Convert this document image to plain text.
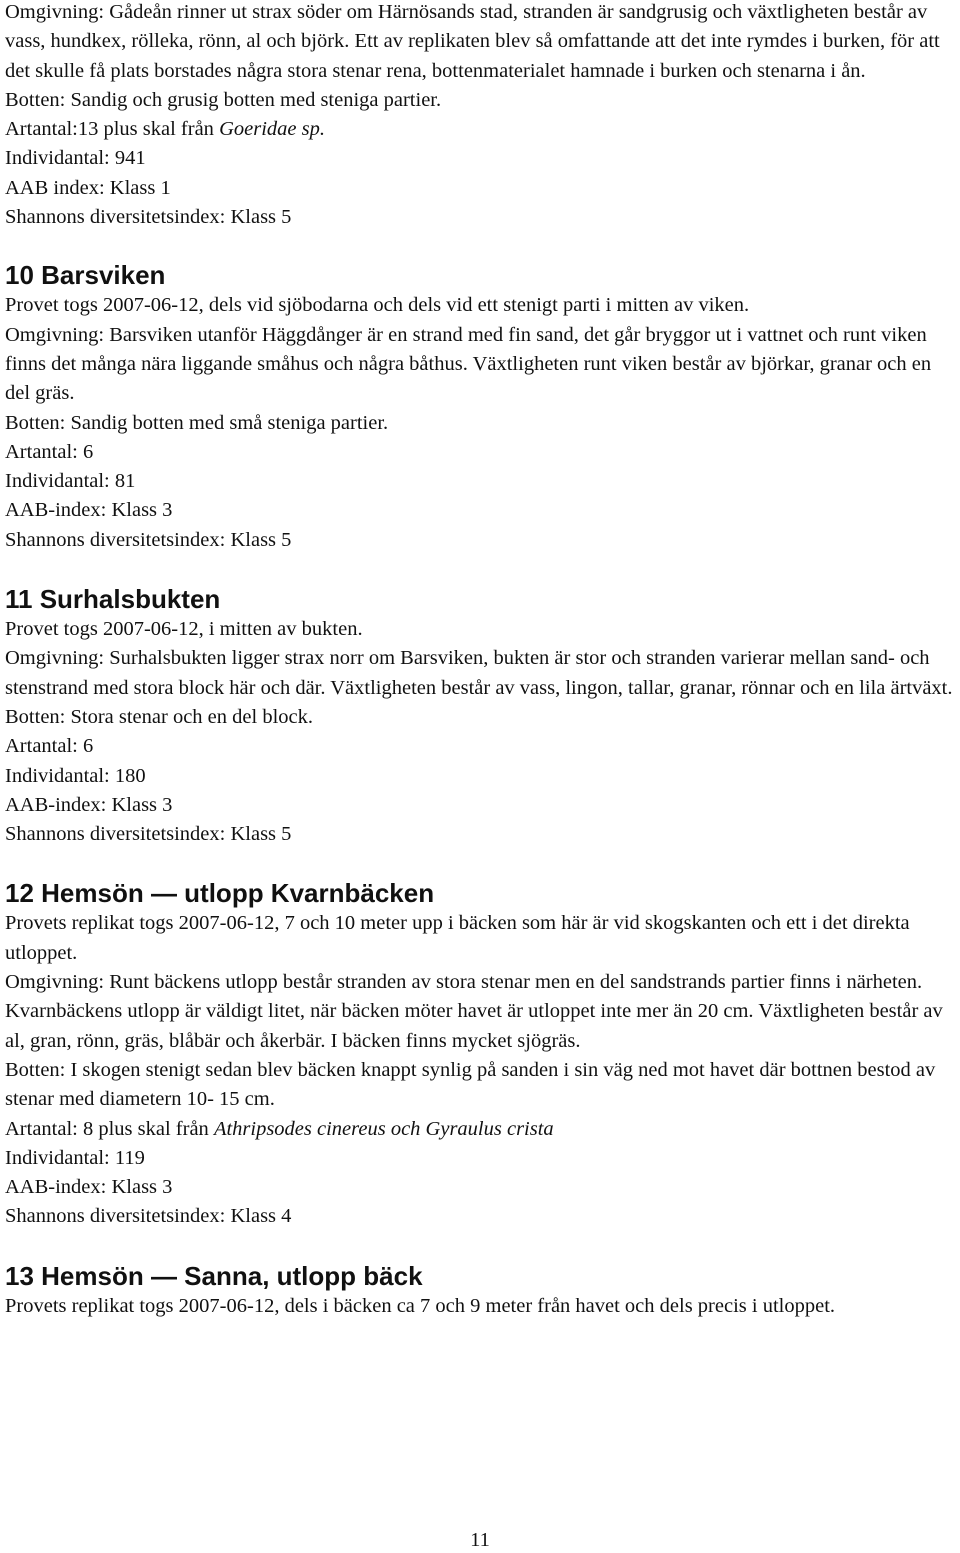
Omgivning: Gådeån rinner ut strax söder om Härnösands stad, stranden är sandgrusig och växtligheten består av vass, hundkex, rölleka, rönn, al och björk. Ett av replikaten blev så omfattande att det inte rymdes i burken, för att det skulle få plats borstades några stora stenar rena, bottenmaterialet hamnade i burken och stenarna i ån.

Botten: Sandig och grusig botten med steniga partier.

Artantal:13 plus skal från Goeridae sp.

Individantal: 941

AAB index: Klass 1

Shannons diversitetsindex: Klass 5

10 Barsviken

Provet togs 2007-06-12, dels vid sjöbodarna och dels vid ett stenigt parti i mitten av viken.

Omgivning: Barsviken utanför Häggdånger är en strand med fin sand, det går bryggor ut i vattnet och runt viken finns det många nära liggande småhus och några båthus. Växtligheten runt viken består av björkar, granar och en del gräs.

Botten: Sandig botten med små steniga partier.

Artantal: 6

Individantal: 81

AAB-index: Klass 3

Shannons diversitetsindex: Klass 5

11 Surhalsbukten

Provet togs 2007-06-12, i mitten av bukten.

Omgivning: Surhalsbukten ligger strax norr om Barsviken, bukten är stor och stranden varierar mellan sand- och stenstrand med stora block här och där. Växtligheten består av vass, lingon, tallar, granar, rönnar och en lila ärtväxt.

Botten: Stora stenar och en del block.

Artantal: 6

Individantal: 180

AAB-index: Klass 3

Shannons diversitetsindex: Klass 5

12 Hemsön — utlopp Kvarnbäcken

Provets replikat togs 2007-06-12, 7 och 10 meter upp i bäcken som här är vid skogskanten och ett i det direkta utloppet.

Omgivning: Runt bäckens utlopp består stranden av stora stenar men en del sandstrands partier finns i närheten. Kvarnbäckens utlopp är väldigt litet, när bäcken möter havet är utloppet inte mer än 20 cm. Växtligheten består av al, gran, rönn, gräs, blåbär och åkerbär. I bäcken finns mycket sjögräs.

Botten: I skogen stenigt sedan blev bäcken knappt synlig på sanden i sin väg ned mot havet där bottnen bestod av stenar med diametern 10- 15 cm.

Artantal: 8 plus skal från Athripsodes cinereus och Gyraulus crista

Individantal: 119

AAB-index: Klass 3

Shannons diversitetsindex: Klass 4

13 Hemsön — Sanna, utlopp bäck

Provets replikat togs 2007-06-12, dels i bäcken ca 7 och 9 meter från havet och dels precis i utloppet.

11
